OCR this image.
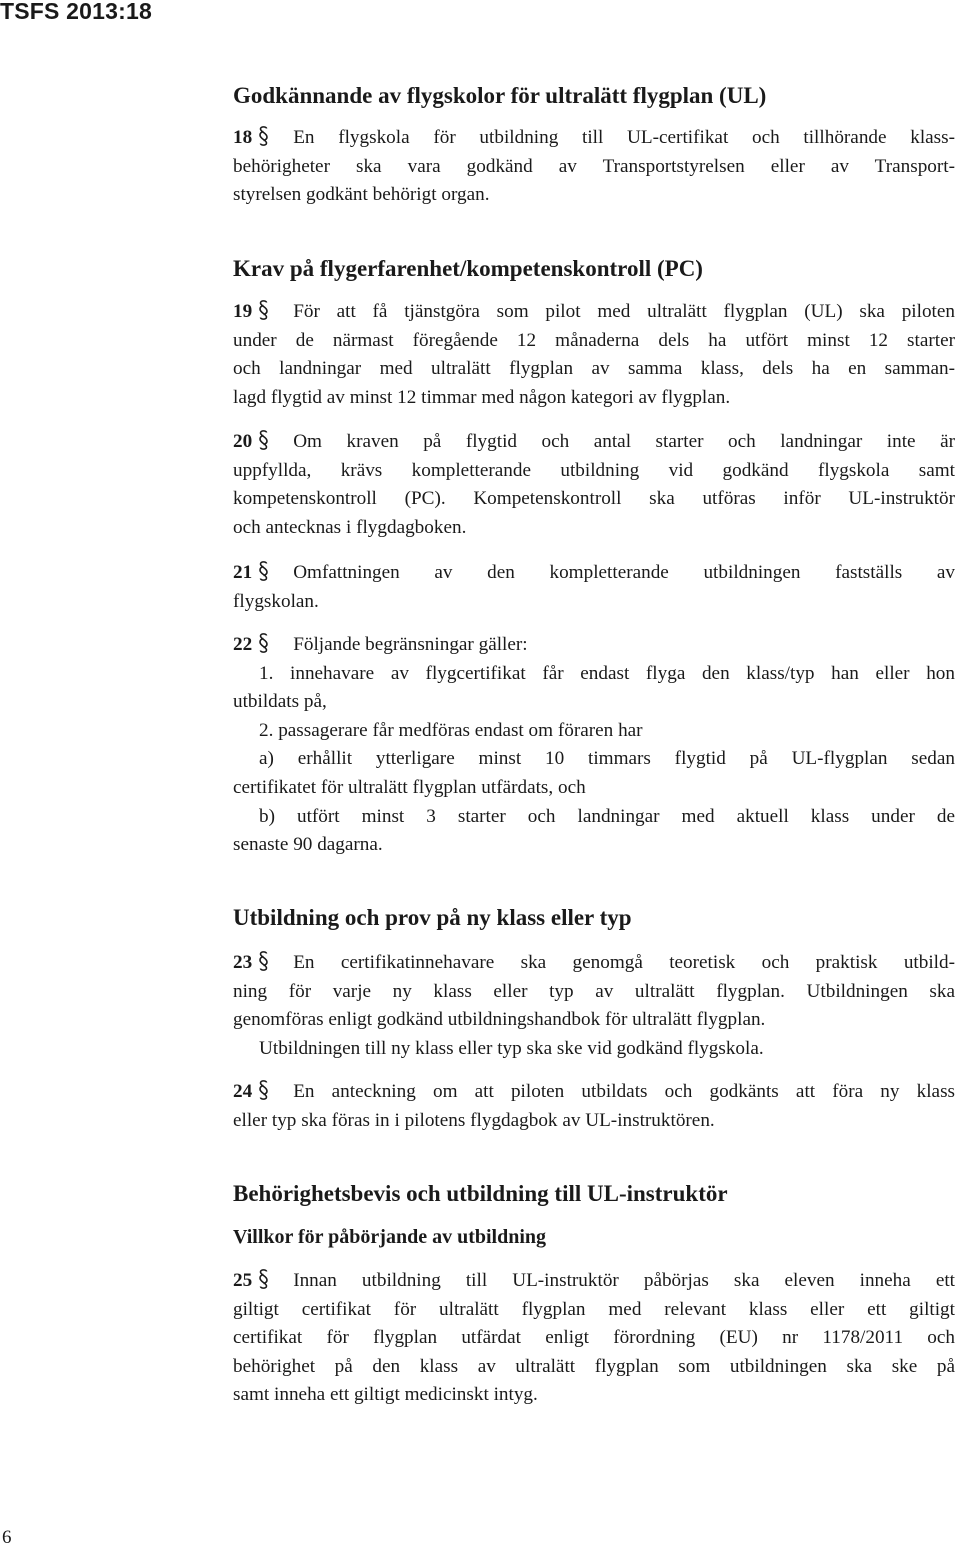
TSFS 2013:18
Godkännande av flygskolor för ultralätt flygplan (UL)
18 En flygskola för utbildning till UL-certifikat och tillhörande klass-
behörigheter ska vara godkänd av Transportstyrelsen eller av Transport-
styrelsen godkänt behörigt organ.
Krav på flygerfarenhet/kompetenskontroll (PC)
19 För att få tjänstgöra som pilot med ultralätt flygplan (UL) ska piloten
under de närmast föregående 12 månaderna dels ha utfört minst 12 starter
och landningar med ultralätt flygplan av samma klass, dels ha en samman-
lagd flygtid av minst 12 timmar med någon kategori av flygplan.
20 Om kraven på flygtid och antal starter och landningar inte är
uppfyllda, krävs kompletterande utbildning vid godkänd flygskola samt
kompetenskontroll (PC). Kompetenskontroll ska utföras inför UL-instruktör
och antecknas i flygdagboken.
21 Omfattningen av den kompletterande utbildningen fastställs av
flygskolan.
22 Följande begränsningar gäller:
1. innehavare av flygcertifikat får endast flyga den klass/typ han eller hon
utbildats på,
2. passagerare får medföras endast om föraren har
a) erhållit ytterligare minst 10 timmars flygtid på UL-flygplan sedan
certifikatet för ultralätt flygplan utfärdats, och
b) utfört minst 3 starter och landningar med aktuell klass under de
senaste 90 dagarna.
Utbildning och prov på ny klass eller typ
23 En certifikatinnehavare ska genomgå teoretisk och praktisk utbild-
ning för varje ny klass eller typ av ultralätt flygplan. Utbildningen ska
genomföras enligt godkänd utbildningshandbok för ultralätt flygplan.
Utbildningen till ny klass eller typ ska ske vid godkänd flygskola.
24 En anteckning om att piloten utbildats och godkänts att föra ny klass
eller typ ska föras in i pilotens flygdagbok av UL-instruktören.
Behörighetsbevis och utbildning till UL-instruktör
Villkor för påbörjande av utbildning
25 Innan utbildning till UL-instruktör påbörjas ska eleven inneha ett
giltigt certifikat för ultralätt flygplan med relevant klass eller ett giltigt
certifikat för flygplan utfärdat enligt förordning (EU) nr 1178/2011 och
behörighet på den klass av ultralätt flygplan som utbildningen ska ske på
samt inneha ett giltigt medicinskt intyg.
6
